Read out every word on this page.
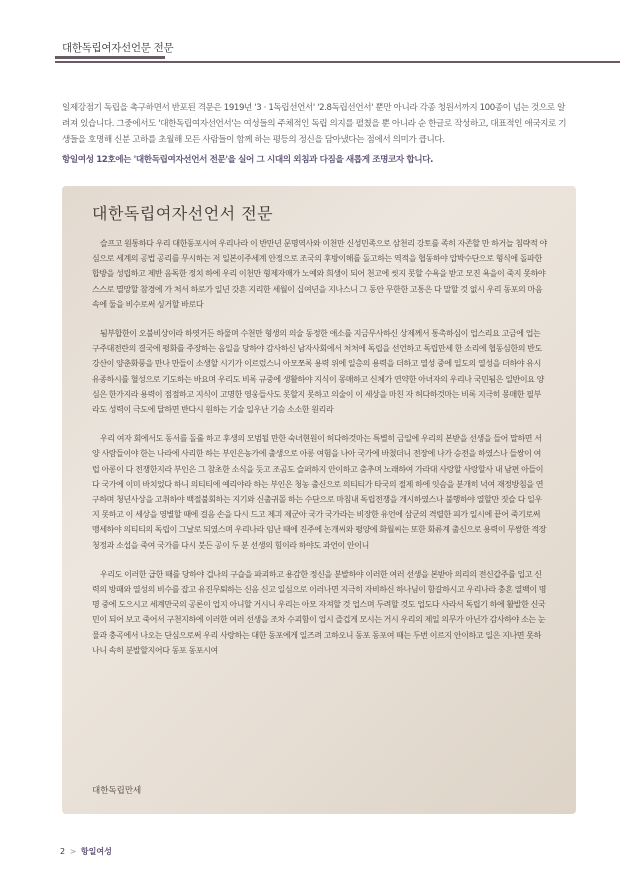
대한독립여자선언문 전문

일제강점기 독립을 촉구하면서 반포된 격문은 1919년 '3 · 1독립선언서' '2.8독립선언서' 뿐만 아니라 각종 청원서까지 100종이 넘는 것으로 알려져 있습니다. 그중에서도 '대한독립여자선언서'는 여성들의 주체적인 독립 의지를 펼쳤을 뿐 아니라 순 한글로 작성하고, 대표적인 애국지로 기생들을 호명해 신분 고하를 초월해 모든 사람들이 함께 하는 평등의 정신을 담아냈다는 점에서 의미가 큽니다.

항일여성 12호에는 '대한독립여자선언서 전문'을 실어 그 시대의 외침과 다짐을 새롭게 조명코자 합니다.

대한독립여자선언서 전문

슬프고 원통하다 우리 대한동포시여 우리나라 이 반만년 문명역사와 이천만 신성민족으로 삼천리 강토를 족히 자존할 만 하거늘 침략적 야심으로 세계의 공법 공리를 무시하는 저 일본이주세계 안정으로 조국의 후방이해를 돌고하는 역적을 협동하야 압박수단으로 형식에 돌파한 합방을 성립하고 제반 음독한 정치 하에 우리 이천만 형제자매가 노예와 희생이 되어 천고에 씻지 못할 수욕을 받고 모진 욕을이 죽지 못하야 스스로 멸망할 참경에 가 처서 하로가 일년 갓흔 지리한 세월이 십여년을 지나스니 그 동안 무한한 고통은 다 말할 것 없시 우리 동포의 마음속에 둘을 비수로써 싱거할 바로다

됨부합한이 오불비상이라 하엿거든 하물며 수천만 형생의 의술 동정한 애소를 지금무사하신 상제께서 통촉하심이 업스리요 고금에 업는 구주대전란의 결국에 평화를 주장하는 음일을 당하야 감사하신 남자사회에서 처처에 독립을 선언하고 독립만세 한 소리에 협동심한의 반도강산이 양춘화풍을 만나 만들이 소생할 시기가 이르렀스니 아모쪼록 용력 위에 일층의 용력을 더하고 열성 중에 일도의 열성을 더하야 유시유종하시를 혈성으로 기도하는 바요며 우리도 비록 규중에 생활하야 지식이 몽매하고 신체가 연약한 아녀자의 우리나 국민됨은 일반이요 양심은 한가지라 용력이 점점하고 지식이 고명한 영웅들사도 못할지 못하고 의술이 이 세상을 마친 자 허다하것마는 비록 지극히 몽매한 필부라도 성력이 극도에 달하면 반다시 원하는 기술 일우난 기슴 소소한 원리라

우리 여자 회에서도 동서를 돌롤 하고 후생의 모범될 만한 숙녀현원이 허다하것마는 특별히 금일에 우리의 본받을 선생을 들어 말하면 서양 사람들이야 한는 나라에 사리한 하는 부인은농가에 출생으로 아롱 여험을 나아 국가에 바쳤더니 전장에 나가 승전을 하였스나 들쌍이 여럽 아롱이 다 전쟁한지라 부인은 그 참초한 소식을 듯고 조곰도 슬퍼하지 안이하고 춤추며 노래하여 가라대 사랑할 사랑할사 내 남편 아들이 다 국가에 이미 바치었다 하니 의티티에 예리야라 하는 부인은 청농 출신으로 의티티가 타국의 절제 하에 잇슴을 분개히 넉여 재정방침을 연구하며 청년사상을 고취하야 백절불회하는 지기와 신출귀몰 하는 수단으로 마침내 독립전쟁을 개시하였스나 불행하야 열할만 짓슬 다 일우지 못하고 이 세상을 영별할 때에 걸음 손을 다시 드고 제긔 제군아 국가 국가라는 비장한 유언에 삼군의 격렬한 피가 일시에 끝어 죽기로써 맹세하야 의티티의 독립이 그날로 되였스며 우리나라 임난 때에 진주에 논개씨와 평양에 화월씨는 또한 화류계 출신으로 용력이 무쌍한 적장 청정과 소섭을 죽여 국가를 다시 붓든 공이 두 분 선생의 힘이라 하야도 과언이 안이니

우리도 이러한 급한 때를 당하야 겁나의 구습을 파괴하고 용감한 정신을 분발하야 이러한 여러 선생을 본받아 의리의 전신갑주를 입고 신력의 방패와 열성의 비수를 잡고 유진무퇴하는 신음 신고 일심으로 이러나면 지극히 자비하신 하나님이 함갈하시고 우리나라 충혼 열백이 명명 중에 도으시고 세계만국의 공론이 업지 아니할 거시니 우리는 아모 자져할 것 업스며 두려할 것도 업도다 사라서 독립기 하에 활발한 신국민이 되어 보고 죽어서 구천지하에 이러한 여러 선생을 조차 수괴함이 업시 즐겁게 모시는 거시 우리의 제일 의무가 아닌가 감사하야 소는 눈물과 충곡에서 나오는 단심으로써 우리 사랑하는 대한 동포에게 일즈려 고하오니 동포 동포여 때는 두번 이르지 안이하고 일은 지나면 못하나니 속히 분발할지어다 동포 동포시여

대한독립만세
2 > 항일여성
